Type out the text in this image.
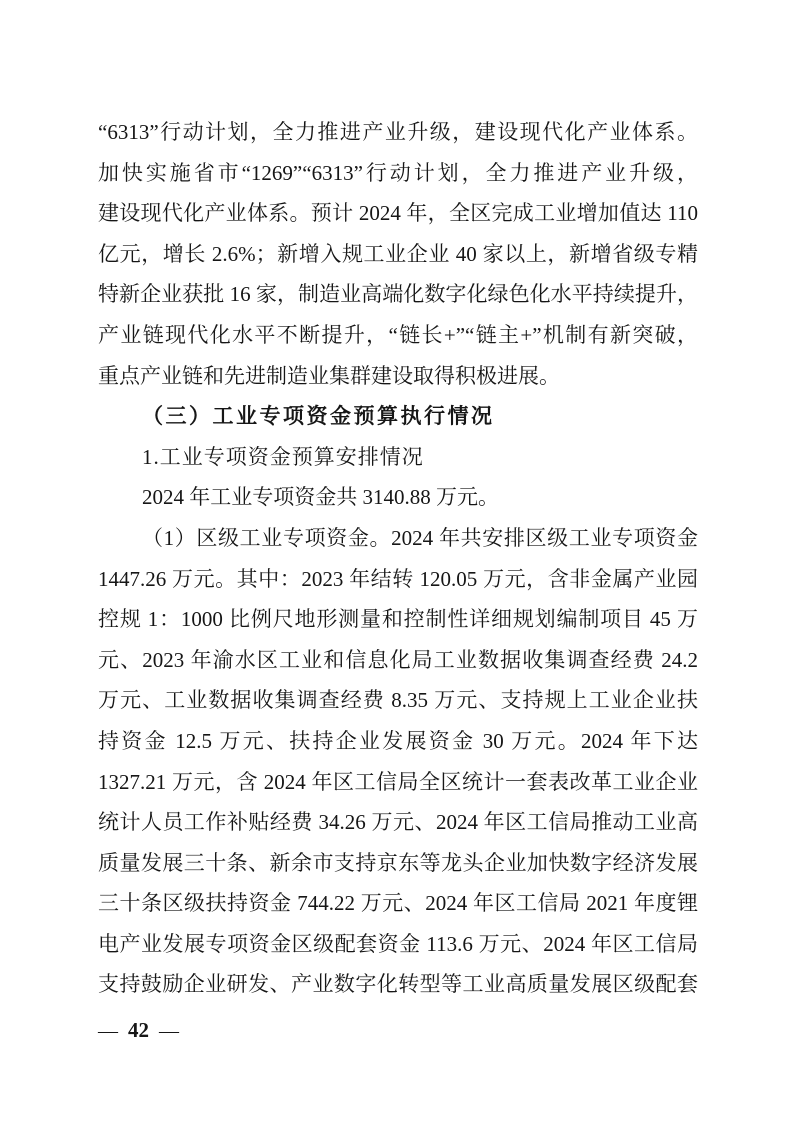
“6313”行动计划，全力推进产业升级，建设现代化产业体系。
加快实施省市“1269”“6313”行动计划，全力推进产业升级，
建设现代化产业体系。预计 2024 年，全区完成工业增加值达 110
亿元，增长 2.6%；新增入规工业企业 40 家以上，新增省级专精
特新企业获批 16 家，制造业高端化数字化绿色化水平持续提升，
产业链现代化水平不断提升，“链长+”“链主+”机制有新突破，
重点产业链和先进制造业集群建设取得积极进展。
（三）工业专项资金预算执行情况
1.工业专项资金预算安排情况
2024 年工业专项资金共 3140.88 万元。
（1）区级工业专项资金。2024 年共安排区级工业专项资金
1447.26 万元。其中：2023 年结转 120.05 万元，含非金属产业园
控规 1：1000 比例尺地形测量和控制性详细规划编制项目 45 万
元、2023 年渝水区工业和信息化局工业数据收集调查经费 24.2
万元、工业数据收集调查经费 8.35 万元、支持规上工业企业扶
持资金 12.5 万元、扶持企业发展资金 30 万元。2024 年下达
1327.21 万元，含 2024 年区工信局全区统计一套表改革工业企业
统计人员工作补贴经费 34.26 万元、2024 年区工信局推动工业高
质量发展三十条、新余市支持京东等龙头企业加快数字经济发展
三十条区级扶持资金 744.22 万元、2024 年区工信局 2021 年度锂
电产业发展专项资金区级配套资金 113.6 万元、2024 年区工信局
支持鼓励企业研发、产业数字化转型等工业高质量发展区级配套
— 42 —
